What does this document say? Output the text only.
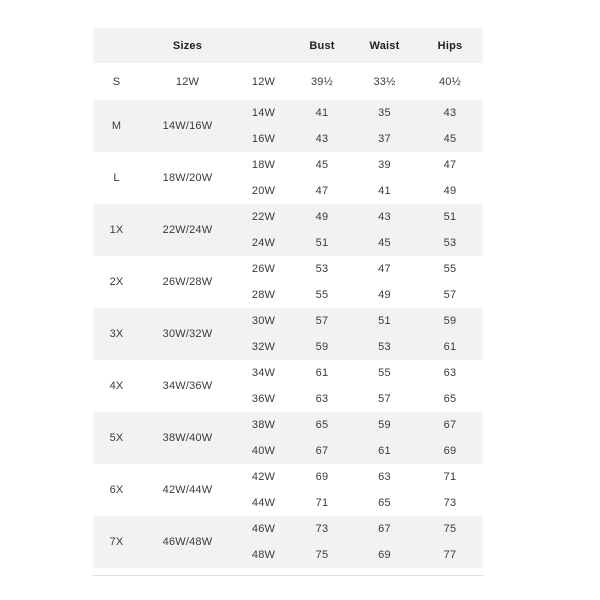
	Sizes		Bust	Waist	Hips
S	12W	12W	39½	33½	40½
M	14W/16W	14W	41	35	43
		16W	43	37	45
L	18W/20W	18W	45	39	47
		20W	47	41	49
1X	22W/24W	22W	49	43	51
		24W	51	45	53
2X	26W/28W	26W	53	47	55
		28W	55	49	57
3X	30W/32W	30W	57	51	59
		32W	59	53	61
4X	34W/36W	34W	61	55	63
		36W	63	57	65
5X	38W/40W	38W	65	59	67
		40W	67	61	69
6X	42W/44W	42W	69	63	71
		44W	71	65	73
7X	46W/48W	46W	73	67	75
		48W	75	69	77
